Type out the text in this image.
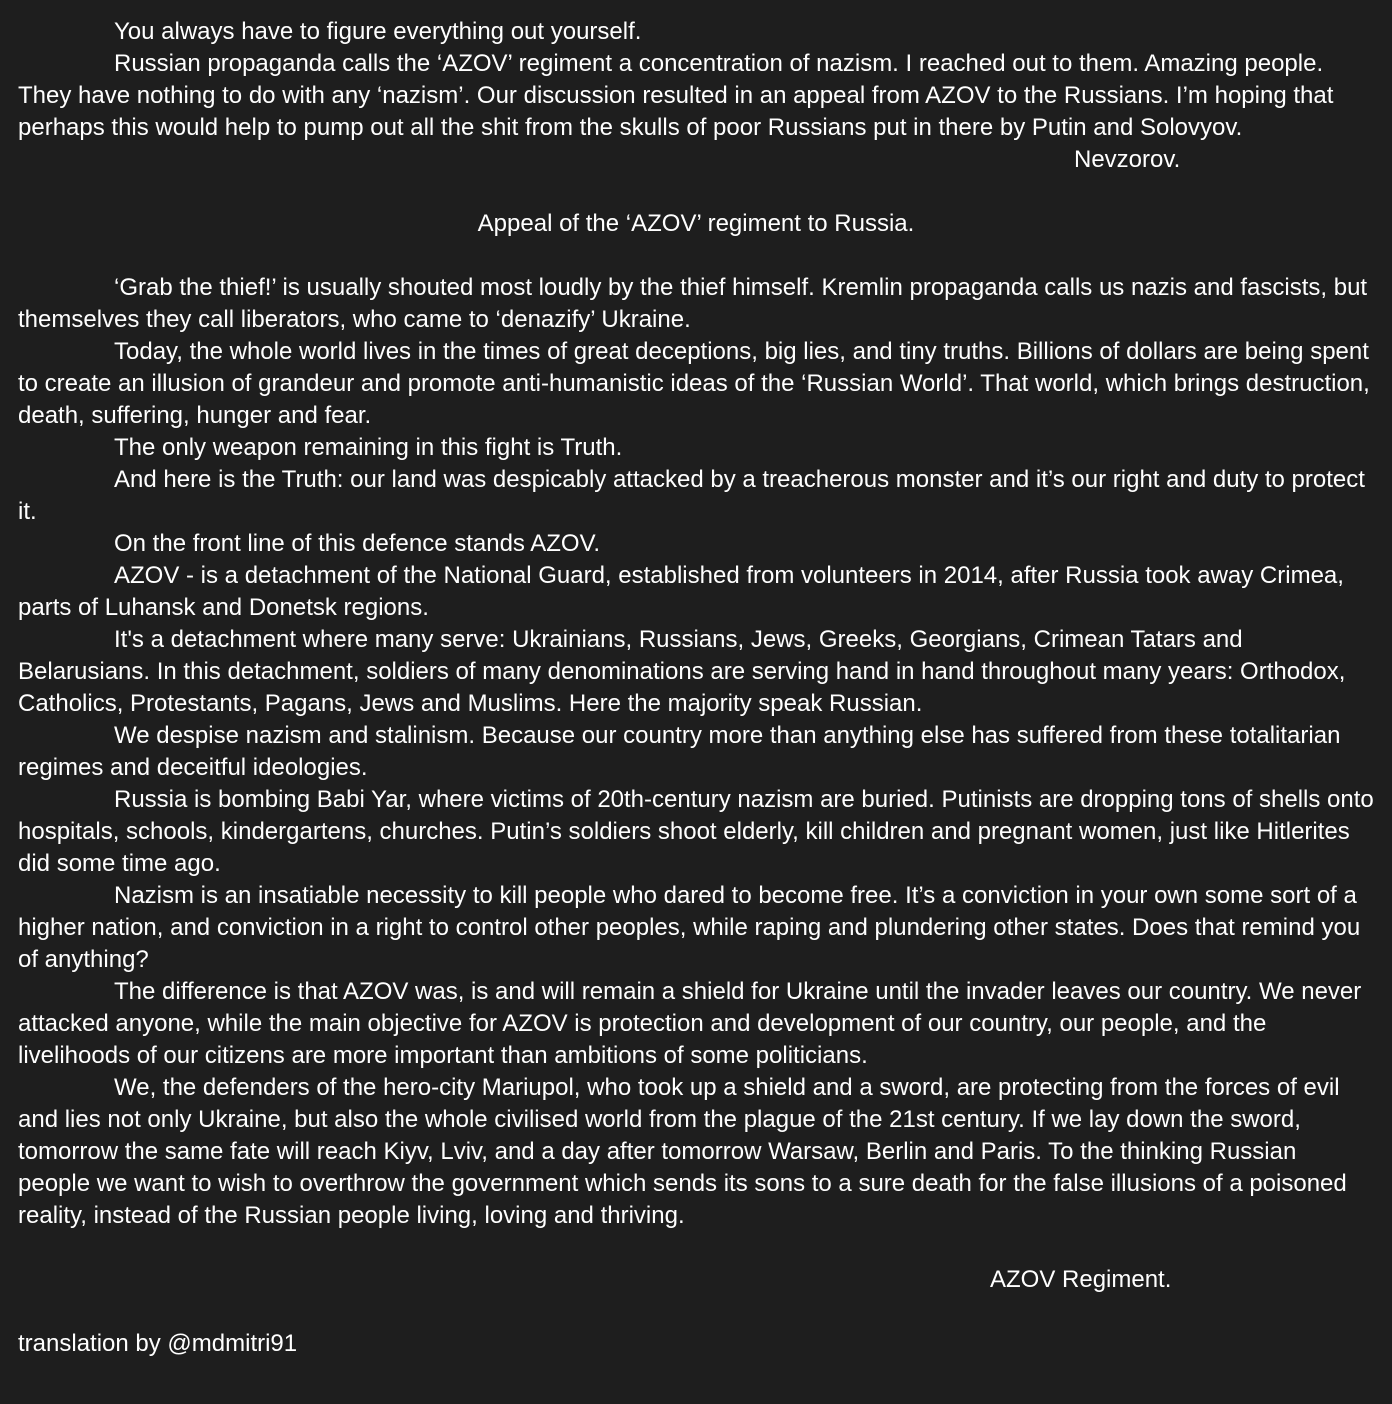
You always have to figure everything out yourself.

Russian propaganda calls the ‘AZOV’ regiment a concentration of nazism. I reached out to them. Amazing people. They have nothing to do with any ‘nazism’. Our discussion resulted in an appeal from AZOV to the Russians. I’m hoping that perhaps this would help to pump out all the shit from the skulls of poor Russians put in there by Putin and Solovyov.

Nevzorov.

Appeal of the ‘AZOV’ regiment to Russia.

‘Grab the thief!’ is usually shouted most loudly by the thief himself. Kremlin propaganda calls us nazis and fascists, but themselves they call liberators, who came to ‘denazify’ Ukraine.

Today, the whole world lives in the times of great deceptions, big lies, and tiny truths. Billions of dollars are being spent to create an illusion of grandeur and promote anti-humanistic ideas of the ‘Russian World’. That world, which brings destruction, death, suffering, hunger and fear.

The only weapon remaining in this fight is Truth.

And here is the Truth: our land was despicably attacked by a treacherous monster and it’s our right and duty to protect it.

On the front line of this defence stands AZOV.

AZOV - is a detachment of the National Guard, established from volunteers in 2014, after Russia took away Crimea, parts of Luhansk and Donetsk regions.

It's a detachment where many serve: Ukrainians, Russians, Jews, Greeks, Georgians, Crimean Tatars and Belarusians. In this detachment, soldiers of many denominations are serving hand in hand throughout many years: Orthodox, Catholics, Protestants, Pagans, Jews and Muslims. Here the majority speak Russian.

We despise nazism and stalinism. Because our country more than anything else has suffered from these totalitarian regimes and deceitful ideologies.

Russia is bombing Babi Yar, where victims of 20th-century nazism are buried. Putinists are dropping tons of shells onto hospitals, schools, kindergartens, churches. Putin’s soldiers shoot elderly, kill children and pregnant women, just like Hitlerites did some time ago.

Nazism is an insatiable necessity to kill people who dared to become free. It’s a conviction in your own some sort of a higher nation, and conviction in a right to control other peoples, while raping and plundering other states. Does that remind you of anything?

The difference is that AZOV was, is and will remain a shield for Ukraine until the invader leaves our country. We never attacked anyone, while the main objective for AZOV is protection and development of our country, our people, and the livelihoods of our citizens are more important than ambitions of some politicians.

We, the defenders of the hero-city Mariupol, who took up a shield and a sword, are protecting from the forces of evil and lies not only Ukraine, but also the whole civilised world from the plague of the 21st century. If we lay down the sword, tomorrow the same fate will reach Kiyv, Lviv, and a day after tomorrow Warsaw, Berlin and Paris. To the thinking Russian people we want to wish to overthrow the government which sends its sons to a sure death for the false illusions of a poisoned reality, instead of the Russian people living, loving and thriving.

AZOV Regiment.

translation by @mdmitri91
